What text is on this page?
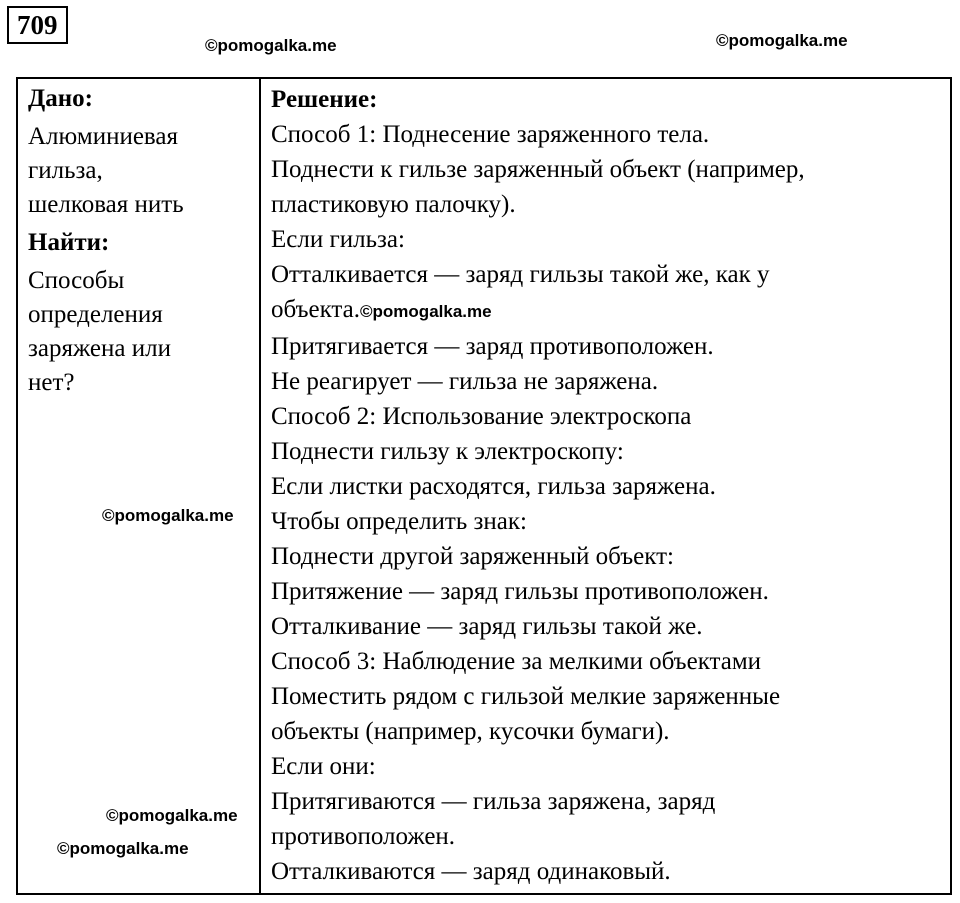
709
©pomogalka.me	©pomogalka.me
©pomogalka.me
©pomogalka.me
©pomogalka.me
Дано:
Алюминиевая
гильза,
шелковая нить
Найти:
Способы
определения
заряжена или
нет?
Решение:
Способ 1: Поднесение заряженного тела.
Поднести к гильзе заряженный объект (например,
пластиковую палочку).
Если гильза:
Отталкивается — заряд гильзы такой же, как у
объекта.©pomogalka.me
Притягивается — заряд противоположен.
Не реагирует — гильза не заряжена.
Способ 2: Использование электроскопа
Поднести гильзу к электроскопу:
Если листки расходятся, гильза заряжена.
Чтобы определить знак:
Поднести другой заряженный объект:
Притяжение — заряд гильзы противоположен.
Отталкивание — заряд гильзы такой же.
Способ 3: Наблюдение за мелкими объектами
Поместить рядом с гильзой мелкие заряженные
объекты (например, кусочки бумаги).
Если они:
Притягиваются — гильза заряжена, заряд
противоположен.
Отталкиваются — заряд одинаковый.
